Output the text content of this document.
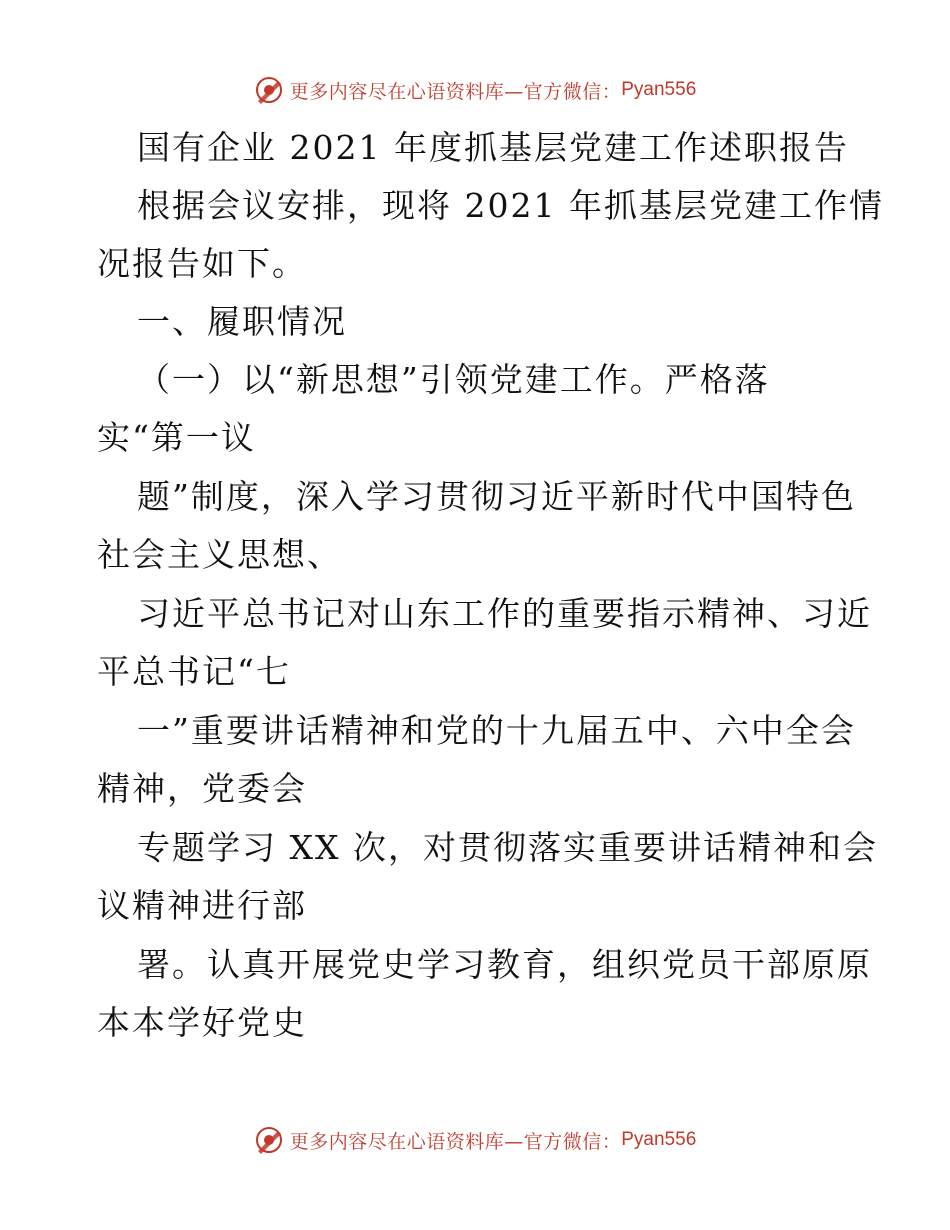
更多内容尽在心语资料库—官方微信： Pyan556
国有企业 2021 年度抓基层党建工作述职报告
根据会议安排，现将 2021 年抓基层党建工作情
况报告如下。
一、履职情况
（一）以“新思想”引领党建工作。严格落
实“第一议
题”制度，深入学习贯彻习近平新时代中国特色
社会主义思想、
习近平总书记对山东工作的重要指示精神、习近
平总书记“七
一”重要讲话精神和党的十九届五中、六中全会
精神，党委会
专题学习 XX 次，对贯彻落实重要讲话精神和会
议精神进行部
署。认真开展党史学习教育，组织党员干部原原
本本学好党史
更多内容尽在心语资料库—官方微信： Pyan556
